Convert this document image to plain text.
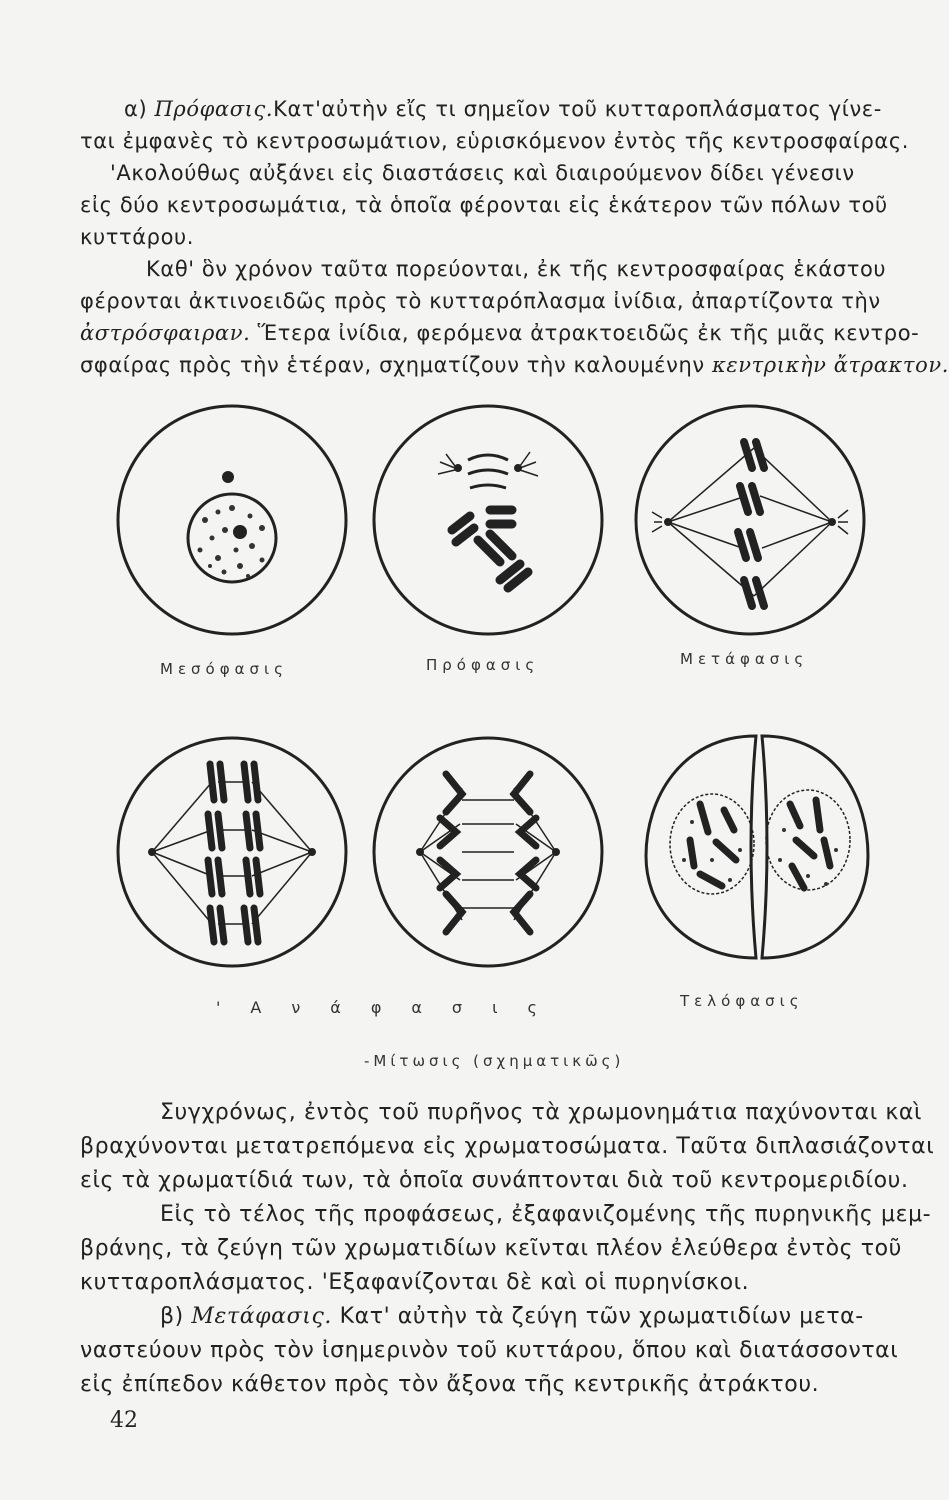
α) Πρόφασις.Κατ'αὐτὴν εἴς τι σημεῖον τοῦ κυτταροπλάσματος γίνε-
ται ἐμφανὲς τὸ κεντροσωμάτιον, εὑρισκόμενον ἐντὸς τῆς κεντροσφαίρας.
'Ακολούθως αὐξάνει εἰς διαστάσεις καὶ διαιρούμενον δίδει γένεσιν
εἰς δύο κεντροσωμάτια, τὰ ὁποῖα φέρονται εἰς ἑκάτερον τῶν πόλων τοῦ
κυττάρου.
Καθ' ὃν χρόνον ταῦτα πορεύονται, ἐκ τῆς κεντροσφαίρας ἑκάστου
φέρονται ἀκτινοειδῶς πρὸς τὸ κυτταρόπλασμα ἰνίδια, ἀπαρτίζοντα τὴν
ἀστρόσφαιραν. Ἕτερα ἰνίδια, φερόμενα ἀτρακτοειδῶς ἐκ τῆς μιᾶς κεντρο-
σφαίρας πρὸς τὴν ἑτέραν, σχηματίζουν τὴν καλουμένην κεντρικὴν ἄτρακτον.
Μεσόφασις	Πρόφασις	Μετάφασις
'Ανάφασις	Τελόφασις
-Μίτωσις (σχηματικῶς)
Συγχρόνως, ἐντὸς τοῦ πυρῆνος τὰ χρωμονημάτια παχύνονται καὶ
βραχύνονται μετατρεπόμενα εἰς χρωματοσώματα. Ταῦτα διπλασιάζονται
εἰς τὰ χρωματίδιά των, τὰ ὁποῖα συνάπτονται διὰ τοῦ κεντρομεριδίου.
Εἰς τὸ τέλος τῆς προφάσεως, ἐξαφανιζομένης τῆς πυρηνικῆς μεμ-
βράνης, τὰ ζεύγη τῶν χρωματιδίων κεῖνται πλέον ἐλεύθερα ἐντὸς τοῦ
κυτταροπλάσματος. 'Εξαφανίζονται δὲ καὶ οἱ πυρηνίσκοι.
β) Μετάφασις. Κατ' αὐτὴν τὰ ζεύγη τῶν χρωματιδίων μετα-
ναστεύουν πρὸς τὸν ἰσημερινὸν τοῦ κυττάρου, ὅπου καὶ διατάσσονται
εἰς ἐπίπεδον κάθετον πρὸς τὸν ἄξονα τῆς κεντρικῆς ἀτράκτου.
42
